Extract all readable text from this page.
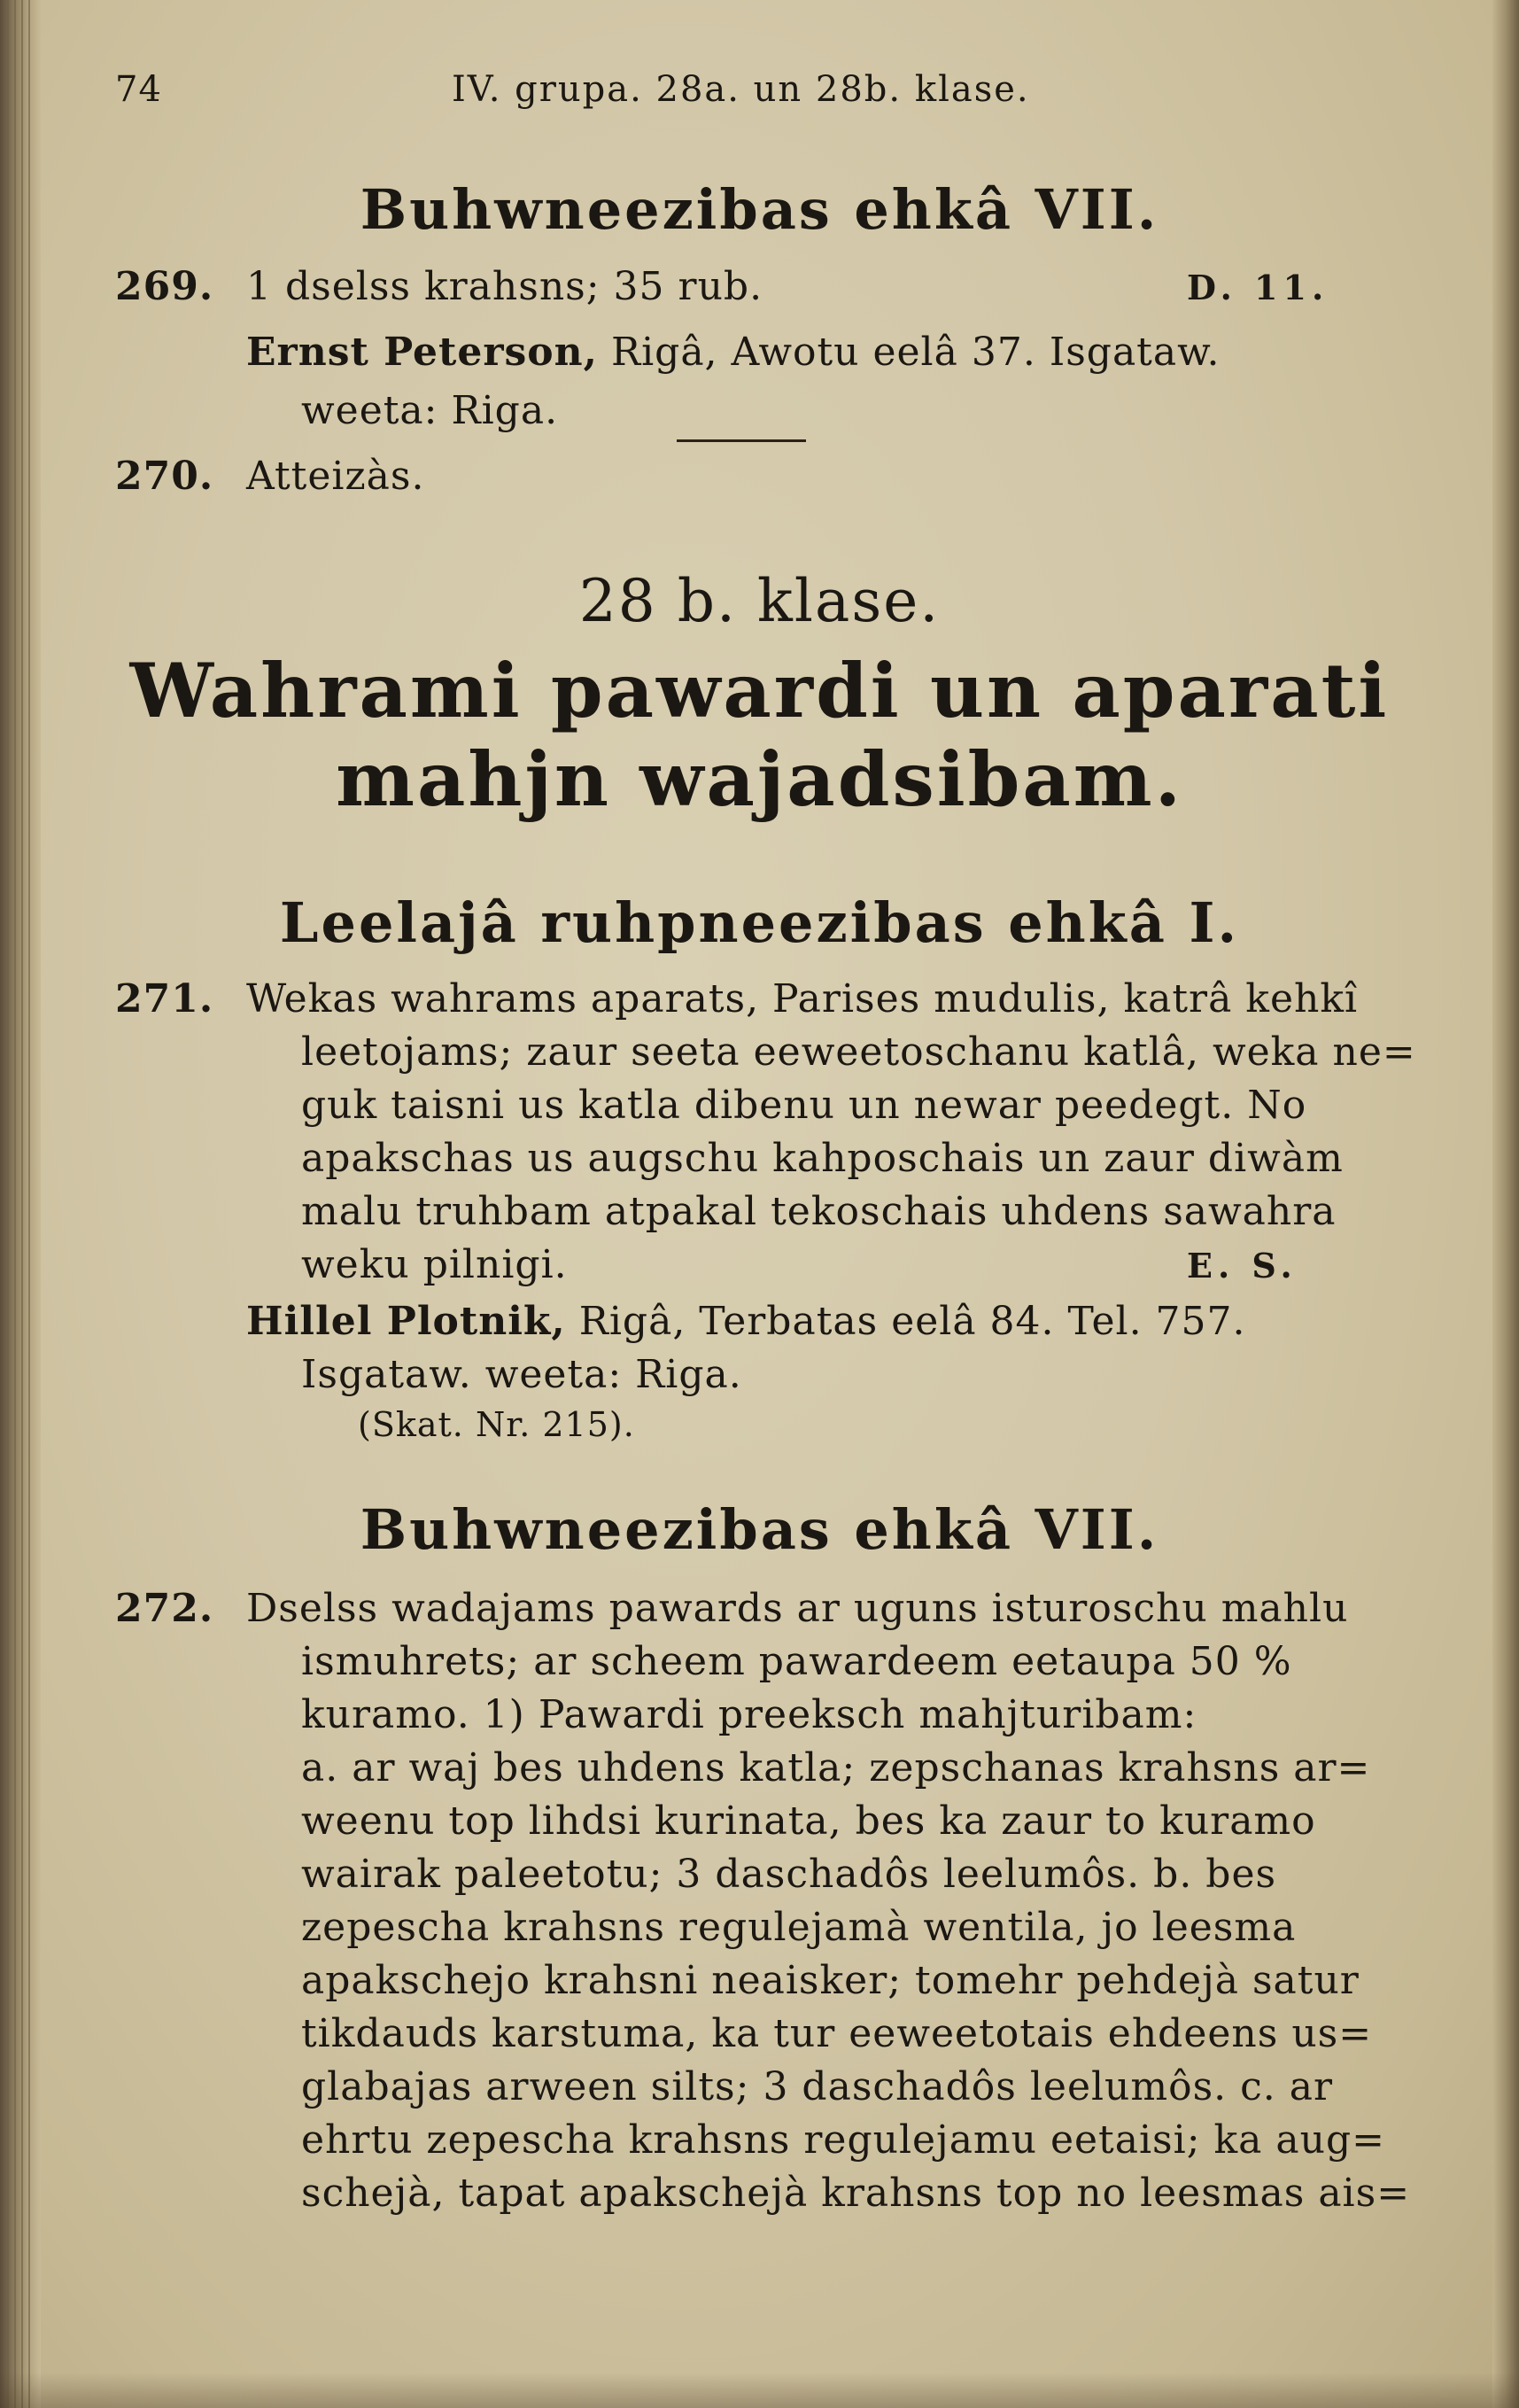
74	IV. grupa. 28a. un 28b. klase.
Buhwneezibas ehkâ VII.
269. 1 dselss krahsns; 35 rub.	D. 11.
Ernst Peterson, Rigâ, Awotu eelâ 37. Isgataw.
weeta: Riga.
270. Atteizàs.
28 b. klase.
Wahrami pawardi un aparati
mahjn wajadsibam.
Leelajâ ruhpneezibas ehkâ I.
271. Wekas wahrams aparats, Parises mudulis, katrâ kehkî
leetojams; zaur seeta eeweetoschanu katlâ, weka ne=
guk taisni us katla dibenu un newar peedegt. No
apakschas us augschu kahposchais un zaur diwàm
malu truhbam atpakal tekoschais uhdens sawahra
weku pilnigi.	E. S.
Hillel Plotnik, Rigâ, Terbatas eelâ 84. Tel. 757.
Isgataw. weeta: Riga.
(Skat. Nr. 215).
Buhwneezibas ehkâ VII.
272. Dselss wadajams pawards ar uguns isturoschu mahlu
ismuhrets; ar scheem pawardeem eetaupa 50 %
kuramo. 1) Pawardi preeksch mahjturibam:
a. ar waj bes uhdens katla; zepschanas krahsns ar=
weenu top lihdsi kurinata, bes ka zaur to kuramo
wairak paleetotu; 3 daschadôs leelumôs. b. bes
zepescha krahsns regulejamà wentila, jo leesma
apakschejo krahsni neaisker; tomehr pehdejà satur
tikdauds karstuma, ka tur eeweetotais ehdeens us=
glabajas arween silts; 3 daschadôs leelumôs. c. ar
ehrtu zepescha krahsns regulejamu eetaisi; ka aug=
schejà, tapat apakschejà krahsns top no leesmas ais=
